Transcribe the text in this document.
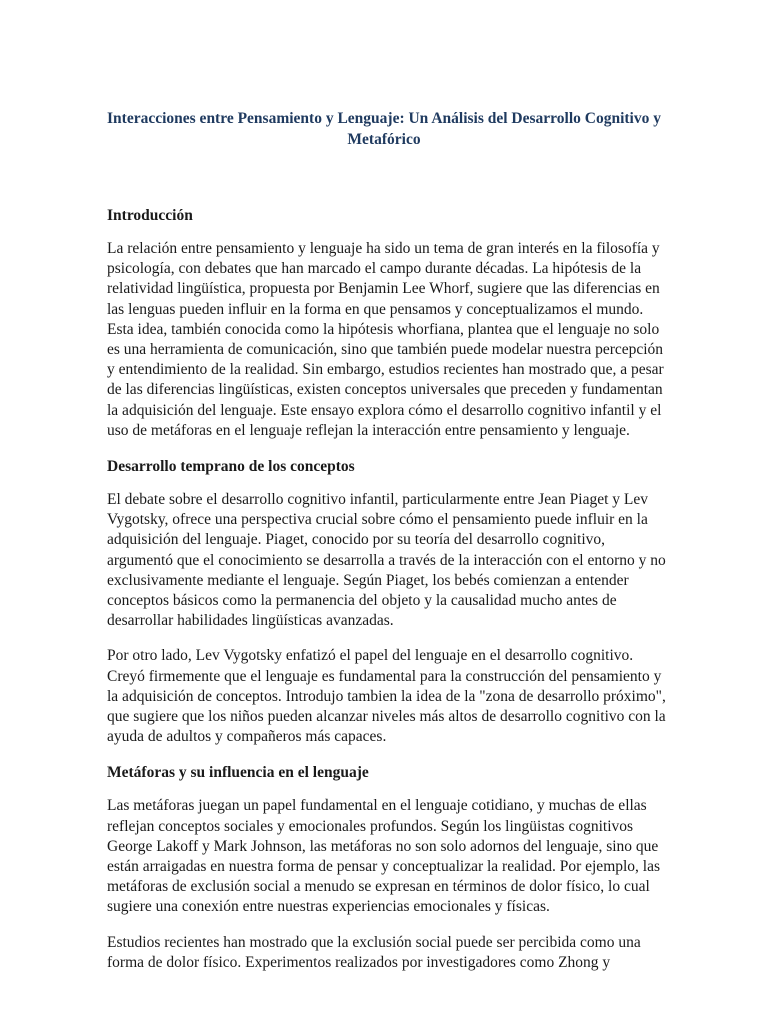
Interacciones entre Pensamiento y Lenguaje: Un Análisis del Desarrollo Cognitivo y Metafórico
Introducción

La relación entre pensamiento y lenguaje ha sido un tema de gran interés en la filosofía y psicología, con debates que han marcado el campo durante décadas. La hipótesis de la relatividad lingüística, propuesta por Benjamin Lee Whorf, sugiere que las diferencias en las lenguas pueden influir en la forma en que pensamos y conceptualizamos el mundo. Esta idea, también conocida como la hipótesis whorfiana, plantea que el lenguaje no solo es una herramienta de comunicación, sino que también puede modelar nuestra percepción y entendimiento de la realidad. Sin embargo, estudios recientes han mostrado que, a pesar de las diferencias lingüísticas, existen conceptos universales que preceden y fundamentan la adquisición del lenguaje. Este ensayo explora cómo el desarrollo cognitivo infantil y el uso de metáforas en el lenguaje reflejan la interacción entre pensamiento y lenguaje.

Desarrollo temprano de los conceptos

El debate sobre el desarrollo cognitivo infantil, particularmente entre Jean Piaget y Lev Vygotsky, ofrece una perspectiva crucial sobre cómo el pensamiento puede influir en la adquisición del lenguaje. Piaget, conocido por su teoría del desarrollo cognitivo, argumentó que el conocimiento se desarrolla a través de la interacción con el entorno y no exclusivamente mediante el lenguaje. Según Piaget, los bebés comienzan a entender conceptos básicos como la permanencia del objeto y la causalidad mucho antes de desarrollar habilidades lingüísticas avanzadas.

Por otro lado, Lev Vygotsky enfatizó el papel del lenguaje en el desarrollo cognitivo. Creyó firmemente que el lenguaje es fundamental para la construcción del pensamiento y la adquisición de conceptos. Introdujo tambien la idea de la "zona de desarrollo próximo", que sugiere que los niños pueden alcanzar niveles más altos de desarrollo cognitivo con la ayuda de adultos y compañeros más capaces.

Metáforas y su influencia en el lenguaje

Las metáforas juegan un papel fundamental en el lenguaje cotidiano, y muchas de ellas reflejan conceptos sociales y emocionales profundos. Según los lingüistas cognitivos George Lakoff y Mark Johnson, las metáforas no son solo adornos del lenguaje, sino que están arraigadas en nuestra forma de pensar y conceptualizar la realidad. Por ejemplo, las metáforas de exclusión social a menudo se expresan en términos de dolor físico, lo cual sugiere una conexión entre nuestras experiencias emocionales y físicas.

Estudios recientes han mostrado que la exclusión social puede ser percibida como una forma de dolor físico. Experimentos realizados por investigadores como Zhong y
